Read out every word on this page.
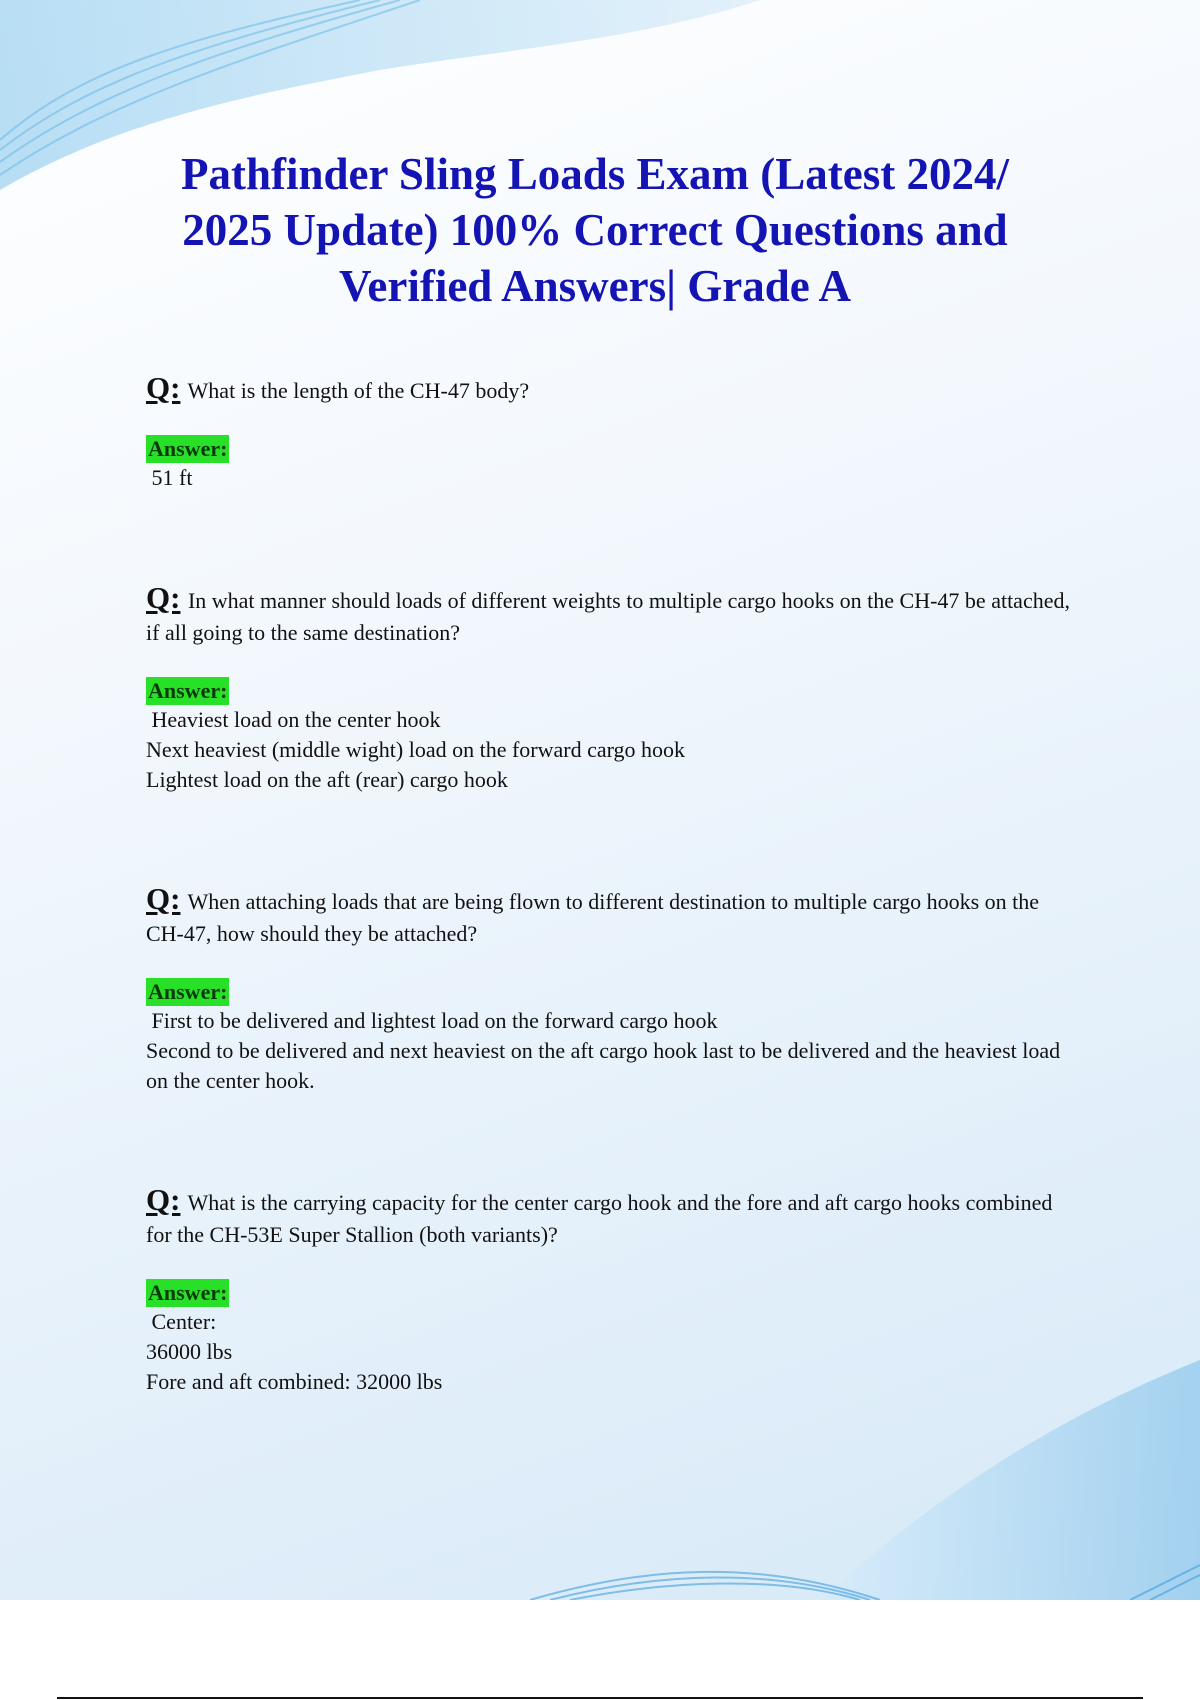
Pathfinder Sling Loads Exam (Latest 2024/ 2025 Update) 100% Correct Questions and Verified Answers| Grade A

Q: What is the length of the CH-47 body?

Answer:
51 ft

Q: In what manner should loads of different weights to multiple cargo hooks on the CH-47 be attached, if all going to the same destination?

Answer:
Heaviest load on the center hook
Next heaviest (middle wight) load on the forward cargo hook
Lightest load on the aft (rear) cargo hook

Q: When attaching loads that are being flown to different destination to multiple cargo hooks on the CH-47, how should they be attached?

Answer:
First to be delivered and lightest load on the forward cargo hook
Second to be delivered and next heaviest on the aft cargo hook last to be delivered and the heaviest load on the center hook.

Q: What is the carrying capacity for the center cargo hook and the fore and aft cargo hooks combined for the CH-53E Super Stallion (both variants)?

Answer:
Center:
36000 lbs
Fore and aft combined: 32000 lbs
